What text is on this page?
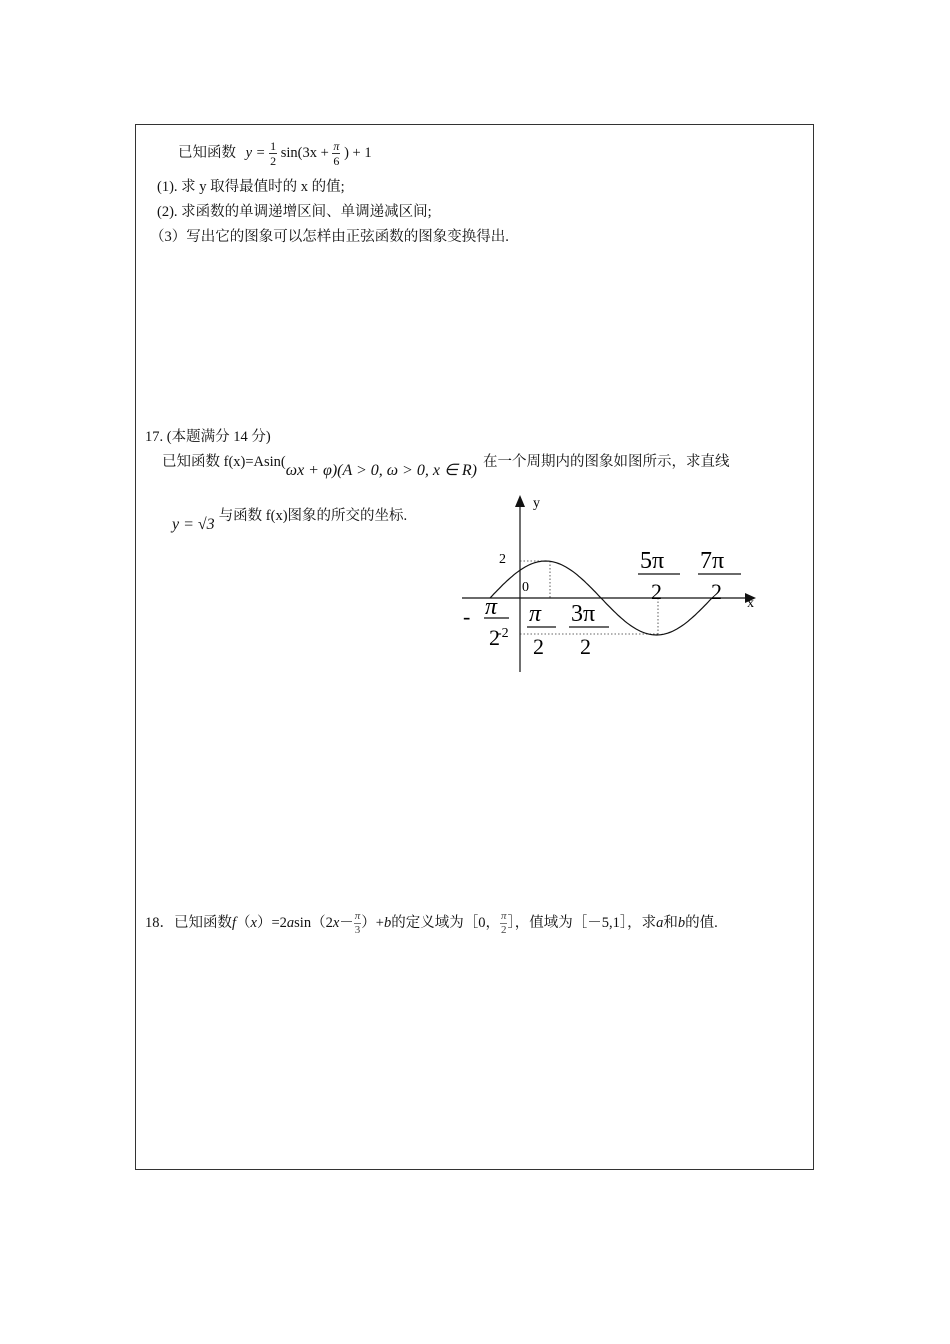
已知函数 $y = \frac{1}{2} \sin(3x + \frac{\pi}{6}$ ) + 1
(1). 求 y 取得最值时的 x 的值;
(2). 求函数的单调递增区间、单调递减区间;
（3）写出它的图象可以怎样由正弦函数的图象变换得出.
17. (本题满分 14 分)
已知函数 f(x)=Asin(ωx + φ)(A > 0, ω > 0, x ∈ R) 在一个周期内的图象如图所示，求直线
y = √3 与函数 f(x)图象的所交的坐标.
y
x
2
-2
0
- π
2
π
2
3π
2
5π
2
7π
2
18．已知函数$f(x)=2asin(2x- \frac{\pi}{3} )+b$的定义域为［0， $\frac{\pi}{2}$ ］，值域为［－5,1］，求a和b的值.
